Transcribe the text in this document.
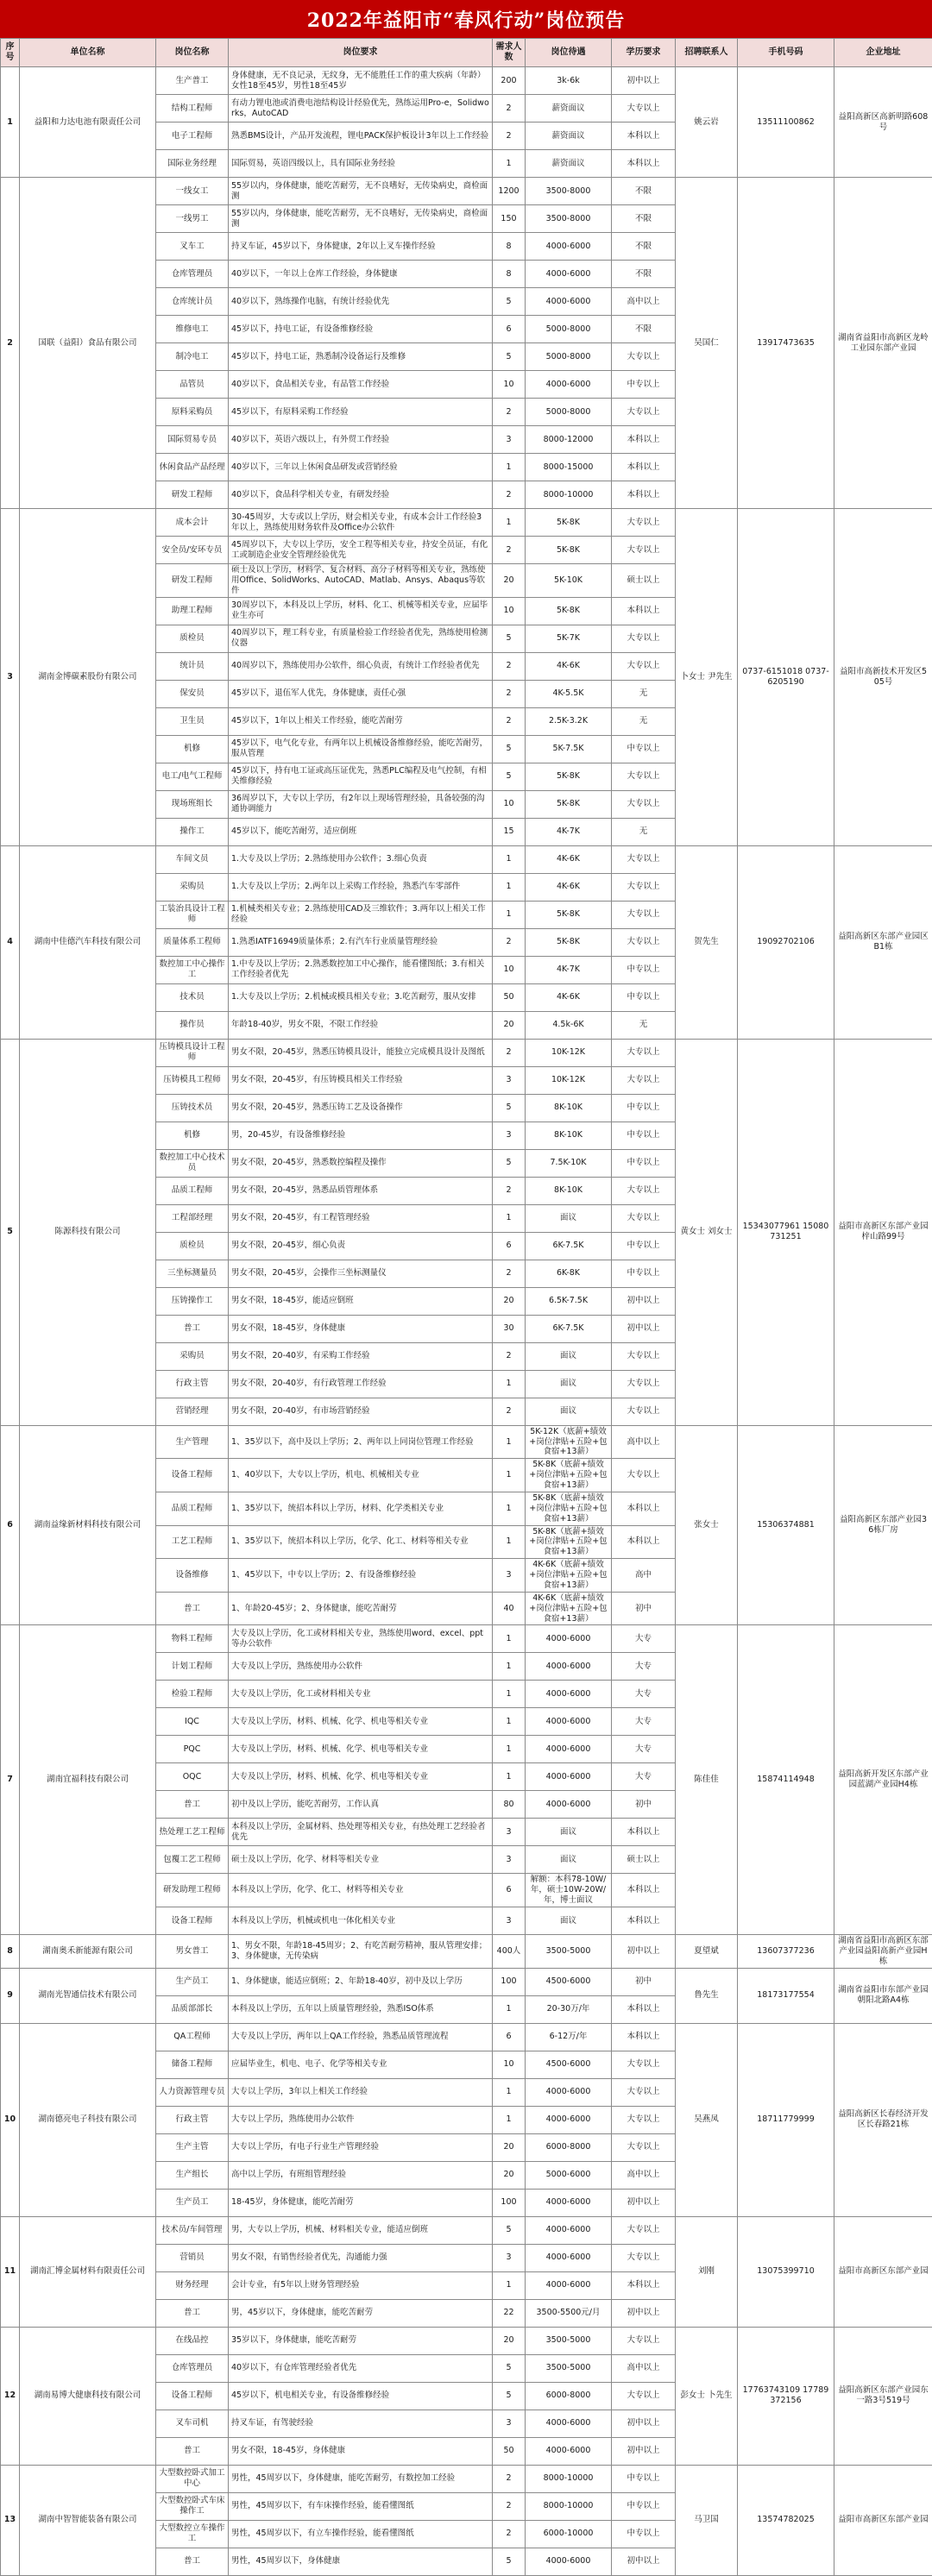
2022年益阳市“春风行动”岗位预告
序号	单位名称	岗位名称	岗位要求	需求人数	岗位待遇	学历要求	招聘联系人	手机号码	企业地址
1	益阳和力达电池有限责任公司	生产普工	身体健康，无不良记录，无纹身，无不能胜任工作的重大疾病（年龄）女性18至45岁，男性18至45岁	200	3k-6k	初中以上	姚云岩	13511100862	益阳高新区高新明路608号
		结构工程师	有动力锂电池或消费电池结构设计经验优先，熟练运用Pro-e，Solidworks，AutoCAD	2	薪资面议	大专以上			
		电子工程师	熟悉BMS设计，产品开发流程，锂电PACK保护板设计3年以上工作经验	2	薪资面议	本科以上			
		国际业务经理	国际贸易，英语四级以上，具有国际业务经验	1	薪资面议	本科以上			
2	国联（益阳）食品有限公司	一线女工	55岁以内，身体健康，能吃苦耐劳，无不良嗜好，无传染病史，商检面测	1200	3500-8000	不限	吴国仁	13917473635	湖南省益阳市高新区龙岭工业园东部产业园
		一线男工	55岁以内，身体健康，能吃苦耐劳，无不良嗜好，无传染病史，商检面测	150	3500-8000	不限			
		叉车工	持叉车证，45岁以下，身体健康，2年以上叉车操作经验	8	4000-6000	不限			
		仓库管理员	40岁以下，一年以上仓库工作经验，身体健康	8	4000-6000	不限			
		仓库统计员	40岁以下，熟练操作电脑，有统计经验优先	5	4000-6000	高中以上			
		维修电工	45岁以下，持电工证，有设备维修经验	6	5000-8000	不限			
		制冷电工	45岁以下，持电工证，熟悉制冷设备运行及维修	5	5000-8000	大专以上			
		品管员	40岁以下，食品相关专业，有品管工作经验	10	4000-6000	中专以上			
		原料采购员	45岁以下，有原料采购工作经验	2	5000-8000	大专以上			
		国际贸易专员	40岁以下，英语六级以上，有外贸工作经验	3	8000-12000	本科以上			
		休闲食品产品经理	40岁以下，三年以上休闲食品研发或营销经验	1	8000-15000	本科以上			
		研发工程师	40岁以下，食品科学相关专业，有研发经验	2	8000-10000	本科以上			
3	湖南金博碳素股份有限公司	成本会计	30-45周岁，大专或以上学历，财会相关专业，有成本会计工作经验3年以上，熟练使用财务软件及Office办公软件	1	5K-8K	大专以上	卜女士 尹先生	0737-6151018 0737-6205190	益阳市高新技术开发区505号
		安全员/安环专员	45周岁以下，大专以上学历，安全工程等相关专业，持安全员证，有化工或制造企业安全管理经验优先	2	5K-8K	大专以上			
		研发工程师	硕士及以上学历，材料学、复合材料、高分子材料等相关专业，熟练使用Office、SolidWorks、AutoCAD、Matlab、Ansys、Abaqus等软件	20	5K-10K	硕士以上			
		助理工程师	30周岁以下，本科及以上学历，材料、化工、机械等相关专业，应届毕业生亦可	10	5K-8K	本科以上			
		质检员	40周岁以下，理工科专业，有质量检验工作经验者优先，熟练使用检测仪器	5	5K-7K	大专以上			
		统计员	40周岁以下，熟练使用办公软件，细心负责，有统计工作经验者优先	2	4K-6K	大专以上			
		保安员	45岁以下，退伍军人优先，身体健康，责任心强	2	4K-5.5K	无			
		卫生员	45岁以下，1年以上相关工作经验，能吃苦耐劳	2	2.5K-3.2K	无			
		机修	45岁以下，电气化专业，有两年以上机械设备维修经验，能吃苦耐劳，服从管理	5	5K-7.5K	中专以上			
		电工/电气工程师	45岁以下，持有电工证或高压证优先，熟悉PLC编程及电气控制，有相关维修经验	5	5K-8K	大专以上			
		现场班组长	36周岁以下，大专以上学历，有2年以上现场管理经验，具备较强的沟通协调能力	10	5K-8K	大专以上			
		操作工	45岁以下，能吃苦耐劳，适应倒班	15	4K-7K	无			
4	湖南中佳德汽车科技有限公司	车间文员	1.大专及以上学历；2.熟练使用办公软件；3.细心负责	1	4K-6K	大专以上	贺先生	19092702106	益阳高新区东部产业园区B1栋
		采购员	1.大专及以上学历；2.两年以上采购工作经验，熟悉汽车零部件	1	4K-6K	大专以上			
		工装治具设计工程师	1.机械类相关专业；2.熟练使用CAD及三维软件；3.两年以上相关工作经验	1	5K-8K	大专以上			
		质量体系工程师	1.熟悉IATF16949质量体系；2.有汽车行业质量管理经验	2	5K-8K	大专以上			
		数控加工中心操作工	1.中专及以上学历；2.熟悉数控加工中心操作，能看懂图纸；3.有相关工作经验者优先	10	4K-7K	中专以上			
		技术员	1.大专及以上学历；2.机械或模具相关专业；3.吃苦耐劳，服从安排	50	4K-6K	中专以上			
		操作员	年龄18-40岁，男女不限，不限工作经验	20	4.5k-6K	无			
5	陈源科技有限公司	压铸模具设计工程师	男女不限，20-45岁，熟悉压铸模具设计，能独立完成模具设计及图纸	2	10K-12K	大专以上	黄女士 刘女士	15343077961 15080731251	益阳市高新区东部产业园梓山路99号
		压铸模具工程师	男女不限，20-45岁，有压铸模具相关工作经验	3	10K-12K	大专以上			
		压铸技术员	男女不限，20-45岁，熟悉压铸工艺及设备操作	5	8K-10K	中专以上			
		机修	男，20-45岁，有设备维修经验	3	8K-10K	中专以上			
		数控加工中心技术员	男女不限，20-45岁，熟悉数控编程及操作	5	7.5K-10K	中专以上			
		品质工程师	男女不限，20-45岁，熟悉品质管理体系	2	8K-10K	大专以上			
		工程部经理	男女不限，20-45岁，有工程管理经验	1	面议	大专以上			
		质检员	男女不限，20-45岁，细心负责	6	6K-7.5K	中专以上			
		三坐标测量员	男女不限，20-45岁，会操作三坐标测量仪	2	6K-8K	中专以上			
		压铸操作工	男女不限，18-45岁，能适应倒班	20	6.5K-7.5K	初中以上			
		普工	男女不限，18-45岁，身体健康	30	6K-7.5K	初中以上			
		采购员	男女不限，20-40岁，有采购工作经验	2	面议	大专以上			
		行政主管	男女不限，20-40岁，有行政管理工作经验	1	面议	大专以上			
		营销经理	男女不限，20-40岁，有市场营销经验	2	面议	大专以上			
6	湖南益缘新材料科技有限公司	生产管理	1、35岁以下，高中及以上学历；2、两年以上同岗位管理工作经验	1	5K-12K（底薪+绩效+岗位津贴+五险+包食宿+13薪）	高中以上	张女士	15306374881	益阳高新区东部产业园36栋厂房
		设备工程师	1、40岁以下，大专以上学历，机电、机械相关专业	1	5K-8K（底薪+绩效+岗位津贴+五险+包食宿+13薪）	大专以上			
		品质工程师	1、35岁以下，统招本科以上学历，材料、化学类相关专业	1	5K-8K（底薪+绩效+岗位津贴+五险+包食宿+13薪）	本科以上			
		工艺工程师	1、35岁以下，统招本科以上学历，化学、化工、材料等相关专业	1	5K-8K（底薪+绩效+岗位津贴+五险+包食宿+13薪）	本科以上			
		设备维修	1、45岁以下，中专以上学历；2、有设备维修经验	3	4K-6K（底薪+绩效+岗位津贴+五险+包食宿+13薪）	高中			
		普工	1、年龄20-45岁；2、身体健康，能吃苦耐劳	40	4K-6K（底薪+绩效+岗位津贴+五险+包食宿+13薪）	初中			
7	湖南宜福科技有限公司	物料工程师	大专及以上学历，化工或材料相关专业，熟练使用word、excel、ppt等办公软件	1	4000-6000	大专	陈佳佳	15874114948	益阳高新开发区东部产业园蓝湖产业园H4栋
		计划工程师	大专及以上学历，熟练使用办公软件	1	4000-6000	大专			
		检验工程师	大专及以上学历，化工或材料相关专业	1	4000-6000	大专			
		IQC	大专及以上学历，材料、机械、化学、机电等相关专业	1	4000-6000	大专			
		PQC	大专及以上学历，材料、机械、化学、机电等相关专业	1	4000-6000	大专			
		OQC	大专及以上学历，材料、机械、化学、机电等相关专业	1	4000-6000	大专			
		普工	初中及以上学历，能吃苦耐劳，工作认真	80	4000-6000	初中			
		热处理工艺工程师	本科及以上学历，金属材料、热处理等相关专业，有热处理工艺经验者优先	3	面议	本科以上			
		包覆工艺工程师	硕士及以上学历，化学、材料等相关专业	3	面议	硕士以上			
		研发助理工程师	本科及以上学历，化学、化工、材料等相关专业	6	解额：本科78-10W/年，硕士10W-20W/年，博士面议	本科以上			
		设备工程师	本科及以上学历，机械或机电一体化相关专业	3	面议	本科以上			
8	湖南奥禾新能源有限公司	男女普工	1、男女不限，年龄18-45周岁；2、有吃苦耐劳精神，服从管理安排；3、身体健康，无传染病	400人	3500-5000	初中以上	夏望斌	13607377236	湖南省益阳市高新区东部产业园益阳高新产业园H栋
9	湖南光智通信技术有限公司	生产员工	1、身体健康，能适应倒班；2、年龄18-40岁，初中及以上学历	100	4500-6000	初中	鲁先生	18173177554	湖南省益阳市东部产业园朝阳北路A4栋
		品质部部长	本科及以上学历，五年以上质量管理经验，熟悉ISO体系	1	20-30万/年	本科以上			
10	湖南德亮电子科技有限公司	QA工程师	大专及以上学历，两年以上QA工作经验，熟悉品质管理流程	6	6-12万/年	本科以上	吴燕凤	18711779999	益阳高新区长春经济开发区长春路21栋
		储备工程师	应届毕业生，机电、电子、化学等相关专业	10	4500-6000	大专以上			
		人力资源管理专员	大专以上学历，3年以上相关工作经验	1	4000-6000	大专以上			
		行政主管	大专以上学历，熟练使用办公软件	1	4000-6000	大专以上			
		生产主管	大专以上学历，有电子行业生产管理经验	20	6000-8000	大专以上			
		生产组长	高中以上学历，有班组管理经验	20	5000-6000	高中以上			
		生产员工	18-45岁，身体健康，能吃苦耐劳	100	4000-6000	初中以上			
11	湖南汇博金属材料有限责任公司	技术员/车间管理	男，大专以上学历，机械、材料相关专业，能适应倒班	5	4000-6000	大专以上	刘刚	13075399710	益阳市高新区东部产业园
		营销员	男女不限，有销售经验者优先，沟通能力强	3	4000-6000	大专以上			
		财务经理	会计专业，有5年以上财务管理经验	1	4000-6000	本科以上			
		普工	男，45岁以下，身体健康，能吃苦耐劳	22	3500-5500元/月	初中以上			
12	湖南易博大健康科技有限公司	在线品控	35岁以下，身体健康，能吃苦耐劳	20	3500-5000	大专以上	彭女士 卜先生	17763743109 17789372156	益阳高新区东部产业园东一路3号519号
		仓库管理员	40岁以下，有仓库管理经验者优先	5	3500-5000	高中以上			
		设备工程师	45岁以下，机电相关专业，有设备维修经验	5	6000-8000	大专以上			
		叉车司机	持叉车证，有驾驶经验	3	4000-6000	初中以上			
		普工	男女不限，18-45岁，身体健康	50	4000-6000	初中以上			
13	湖南中智智能装备有限公司	大型数控卧式加工中心	男性，45周岁以下，身体健康，能吃苦耐劳，有数控加工经验	2	8000-10000	中专以上	马卫国	13574782025	益阳市高新区东部产业园
		大型数控卧式车床操作工	男性，45周岁以下，有车床操作经验，能看懂图纸	2	8000-10000	中专以上			
		大型数控立车操作工	男性，45周岁以下，有立车操作经验，能看懂图纸	2	6000-10000	中专以上			
		普工	男性，45周岁以下，身体健康	5	4000-6000	初中以上			
